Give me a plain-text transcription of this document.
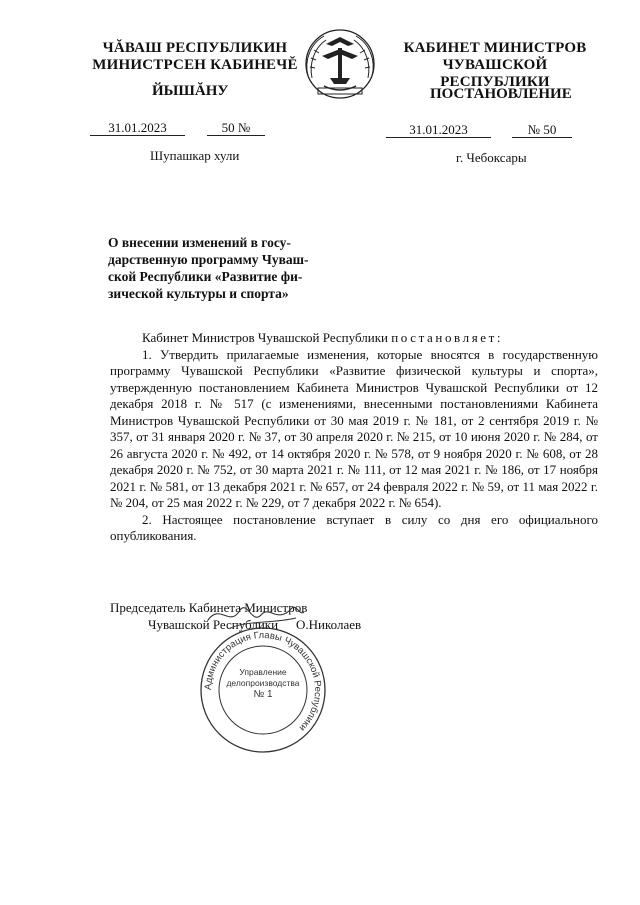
ЧĂВАШ РЕСПУБЛИКИН
МИНИСТРСЕН КАБИНЕЧĔ
ЙЫШĂНУ
КАБИНЕТ МИНИСТРОВ
ЧУВАШСКОЙ РЕСПУБЛИКИ
ПОСТАНОВЛЕНИЕ
31.01.2023	50 №	31.01.2023	№ 50
Шупашкар хули	г. Чебоксары
О внесении изменений в госу-
дарственную программу Чуваш-
ской Республики «Развитие фи-
зической культуры и спорта»
Кабинет Министров Чувашской Республики постановляет:
1. Утвердить прилагаемые изменения, которые вносятся в государственную программу Чувашской Республики «Развитие физической культуры и спорта», утвержденную постановлением Кабинета Министров Чувашской Республики от 12 декабря 2018 г. № 517 (с изменениями, внесенными постановлениями Кабинета Министров Чувашской Республики от 30 мая 2019 г. № 181, от 2 сентября 2019 г. № 357, от 31 января 2020 г. № 37, от 30 апреля 2020 г. № 215, от 10 июня 2020 г. № 284, от 26 августа 2020 г. № 492, от 14 октября 2020 г. № 578, от 9 ноября 2020 г. № 608, от 28 декабря 2020 г. № 752, от 30 марта 2021 г. № 111, от 12 мая 2021 г. № 186, от 17 ноября 2021 г. № 581, от 13 декабря 2021 г. № 657, от 24 февраля 2022 г. № 59, от 11 мая 2022 г. № 204, от 25 мая 2022 г. № 229, от 7 декабря 2022 г. № 654).
2. Настоящее постановление вступает в силу со дня его официального опубликования.
Председатель Кабинета Министров
Чувашской Республики О.Николаев
Администрация Главы Чувашской Республики
Управление
делопроизводства
№ 1
